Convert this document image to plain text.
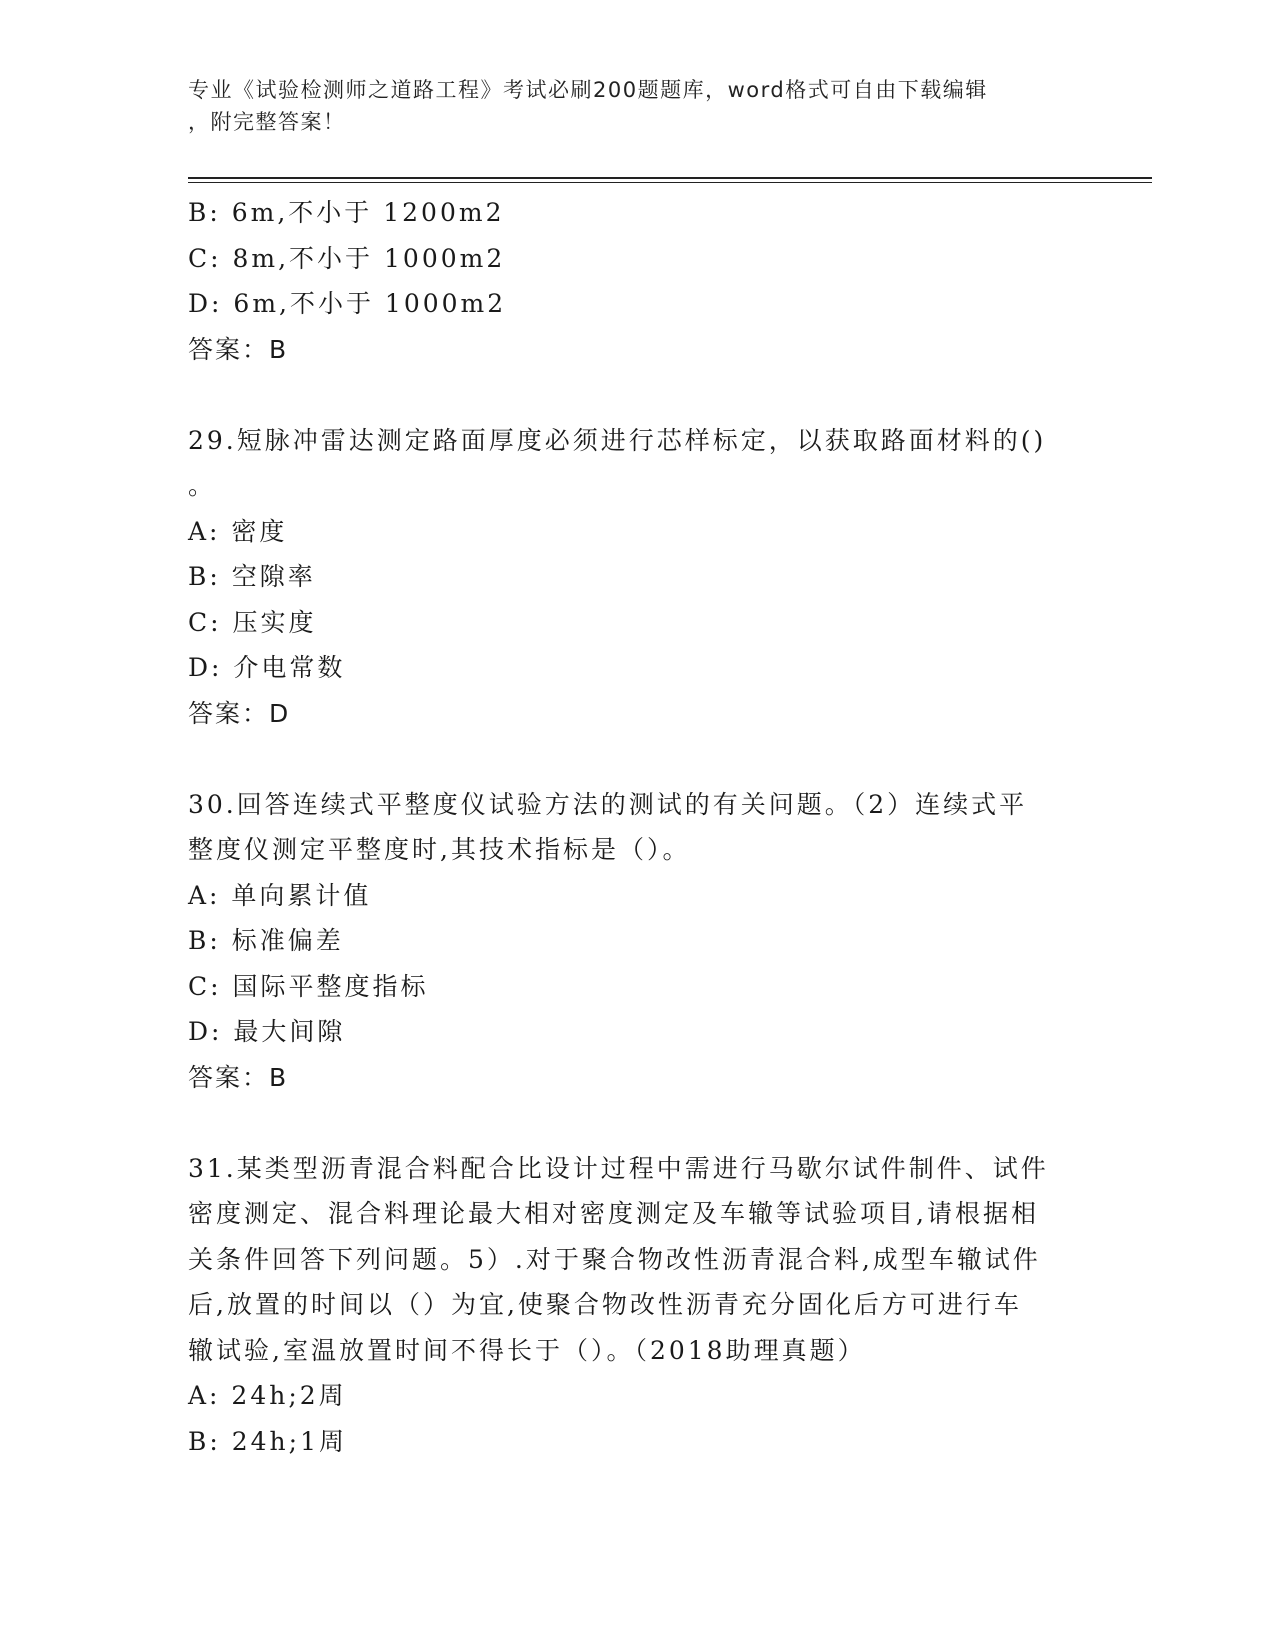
专业《试验检测师之道路工程》考试必刷200题题库，word格式可自由下载编辑
，附完整答案！
B: 6m,不小于 1200m2
C: 8m,不小于 1000m2
D: 6m,不小于 1000m2
答案：B
29.短脉冲雷达测定路面厚度必须进行芯样标定，以获取路面材料的()
。
A: 密度
B: 空隙率
C: 压实度
D: 介电常数
答案：D
30.回答连续式平整度仪试验方法的测试的有关问题。（2）连续式平
整度仪测定平整度时,其技术指标是（）。
A: 单向累计值
B: 标准偏差
C: 国际平整度指标
D: 最大间隙
答案：B
31.某类型沥青混合料配合比设计过程中需进行马歇尔试件制件、试件
密度测定、混合料理论最大相对密度测定及车辙等试验项目,请根据相
关条件回答下列问题。5）.对于聚合物改性沥青混合料,成型车辙试件
后,放置的时间以（）为宜,使聚合物改性沥青充分固化后方可进行车
辙试验,室温放置时间不得长于（）。（2018助理真题）
A: 24h;2周
B: 24h;1周
